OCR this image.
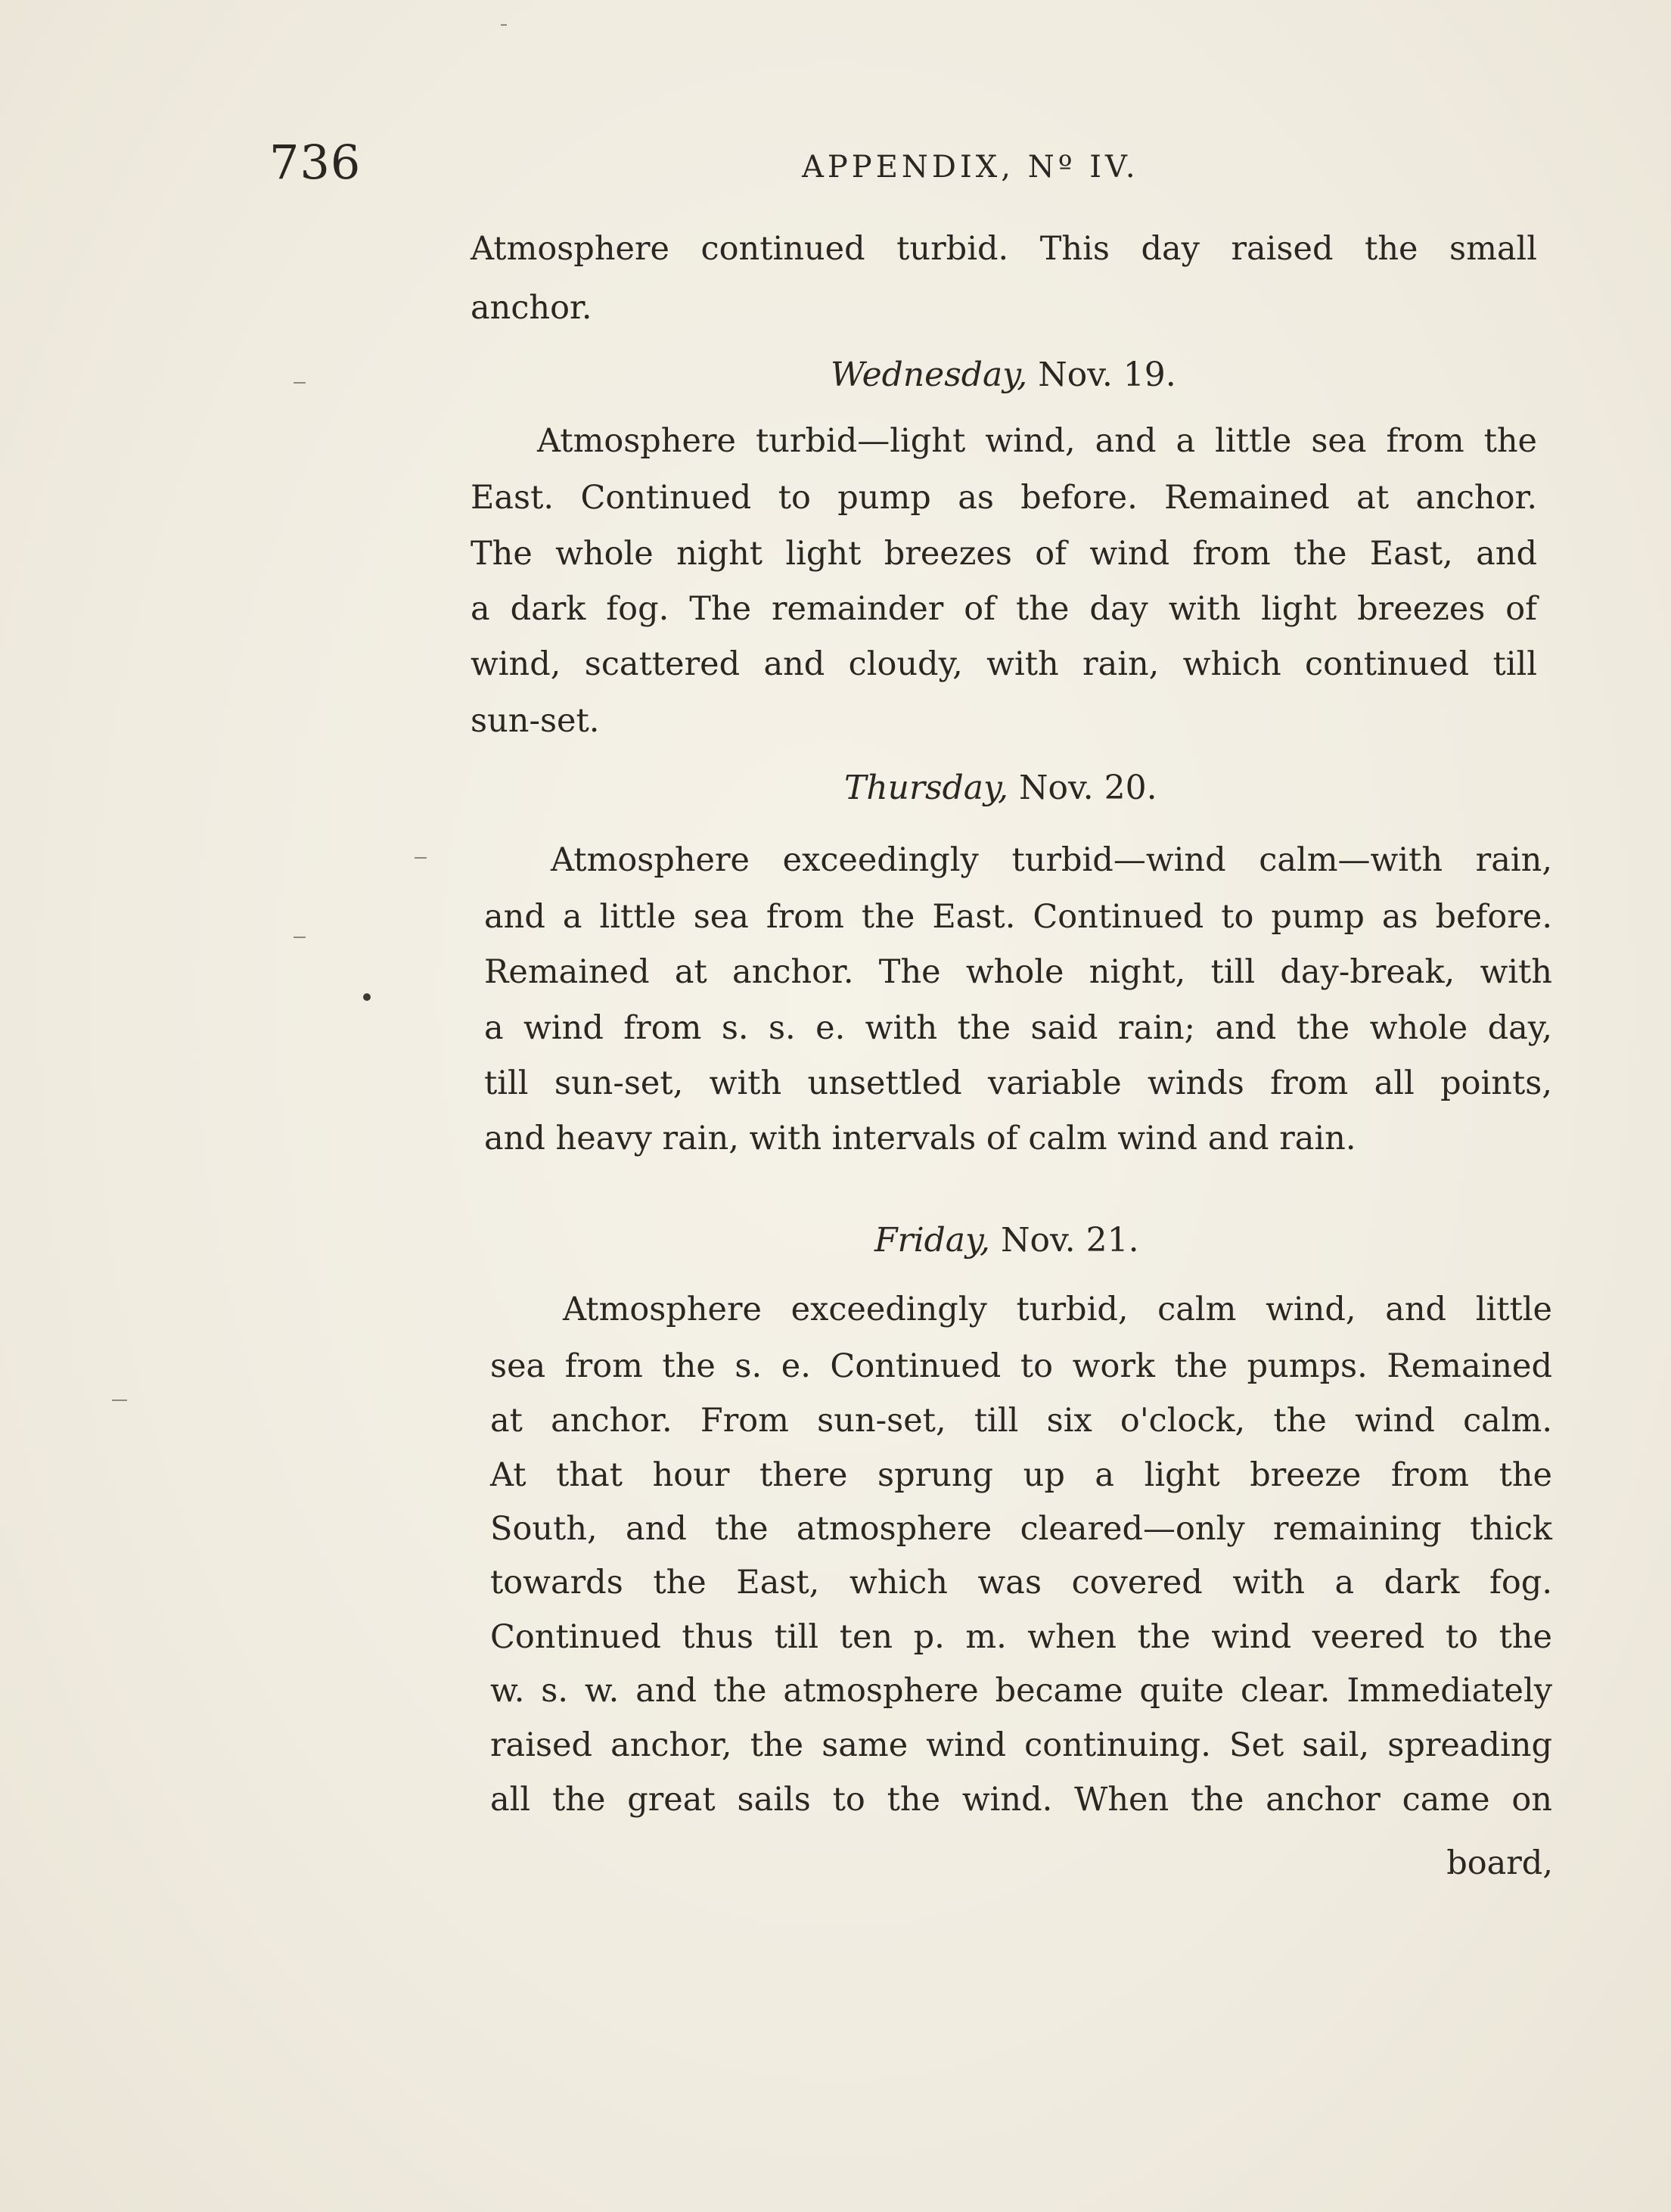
736	APPENDIX, Nº IV.
Atmosphere continued turbid. This day raised the small
anchor.
Wednesday, Nov. 19.
Atmosphere turbid—light wind, and a little sea from the
East. Continued to pump as before. Remained at anchor.
The whole night light breezes of wind from the East, and
a dark fog. The remainder of the day with light breezes of
wind, scattered and cloudy, with rain, which continued till
sun-set.
Thursday, Nov. 20.
Atmosphere exceedingly turbid—wind calm—with rain,
and a little sea from the East. Continued to pump as before.
Remained at anchor. The whole night, till day-break, with
a wind from s. s. e. with the said rain; and the whole day,
till sun-set, with unsettled variable winds from all points,
and heavy rain, with intervals of calm wind and rain.
Friday, Nov. 21.
Atmosphere exceedingly turbid, calm wind, and little
sea from the s. e. Continued to work the pumps. Remained
at anchor. From sun-set, till six o'clock, the wind calm.
At that hour there sprung up a light breeze from the
South, and the atmosphere cleared—only remaining thick
towards the East, which was covered with a dark fog.
Continued thus till ten p. m. when the wind veered to the
w. s. w. and the atmosphere became quite clear. Immediately
raised anchor, the same wind continuing. Set sail, spreading
all the great sails to the wind. When the anchor came on
board,
